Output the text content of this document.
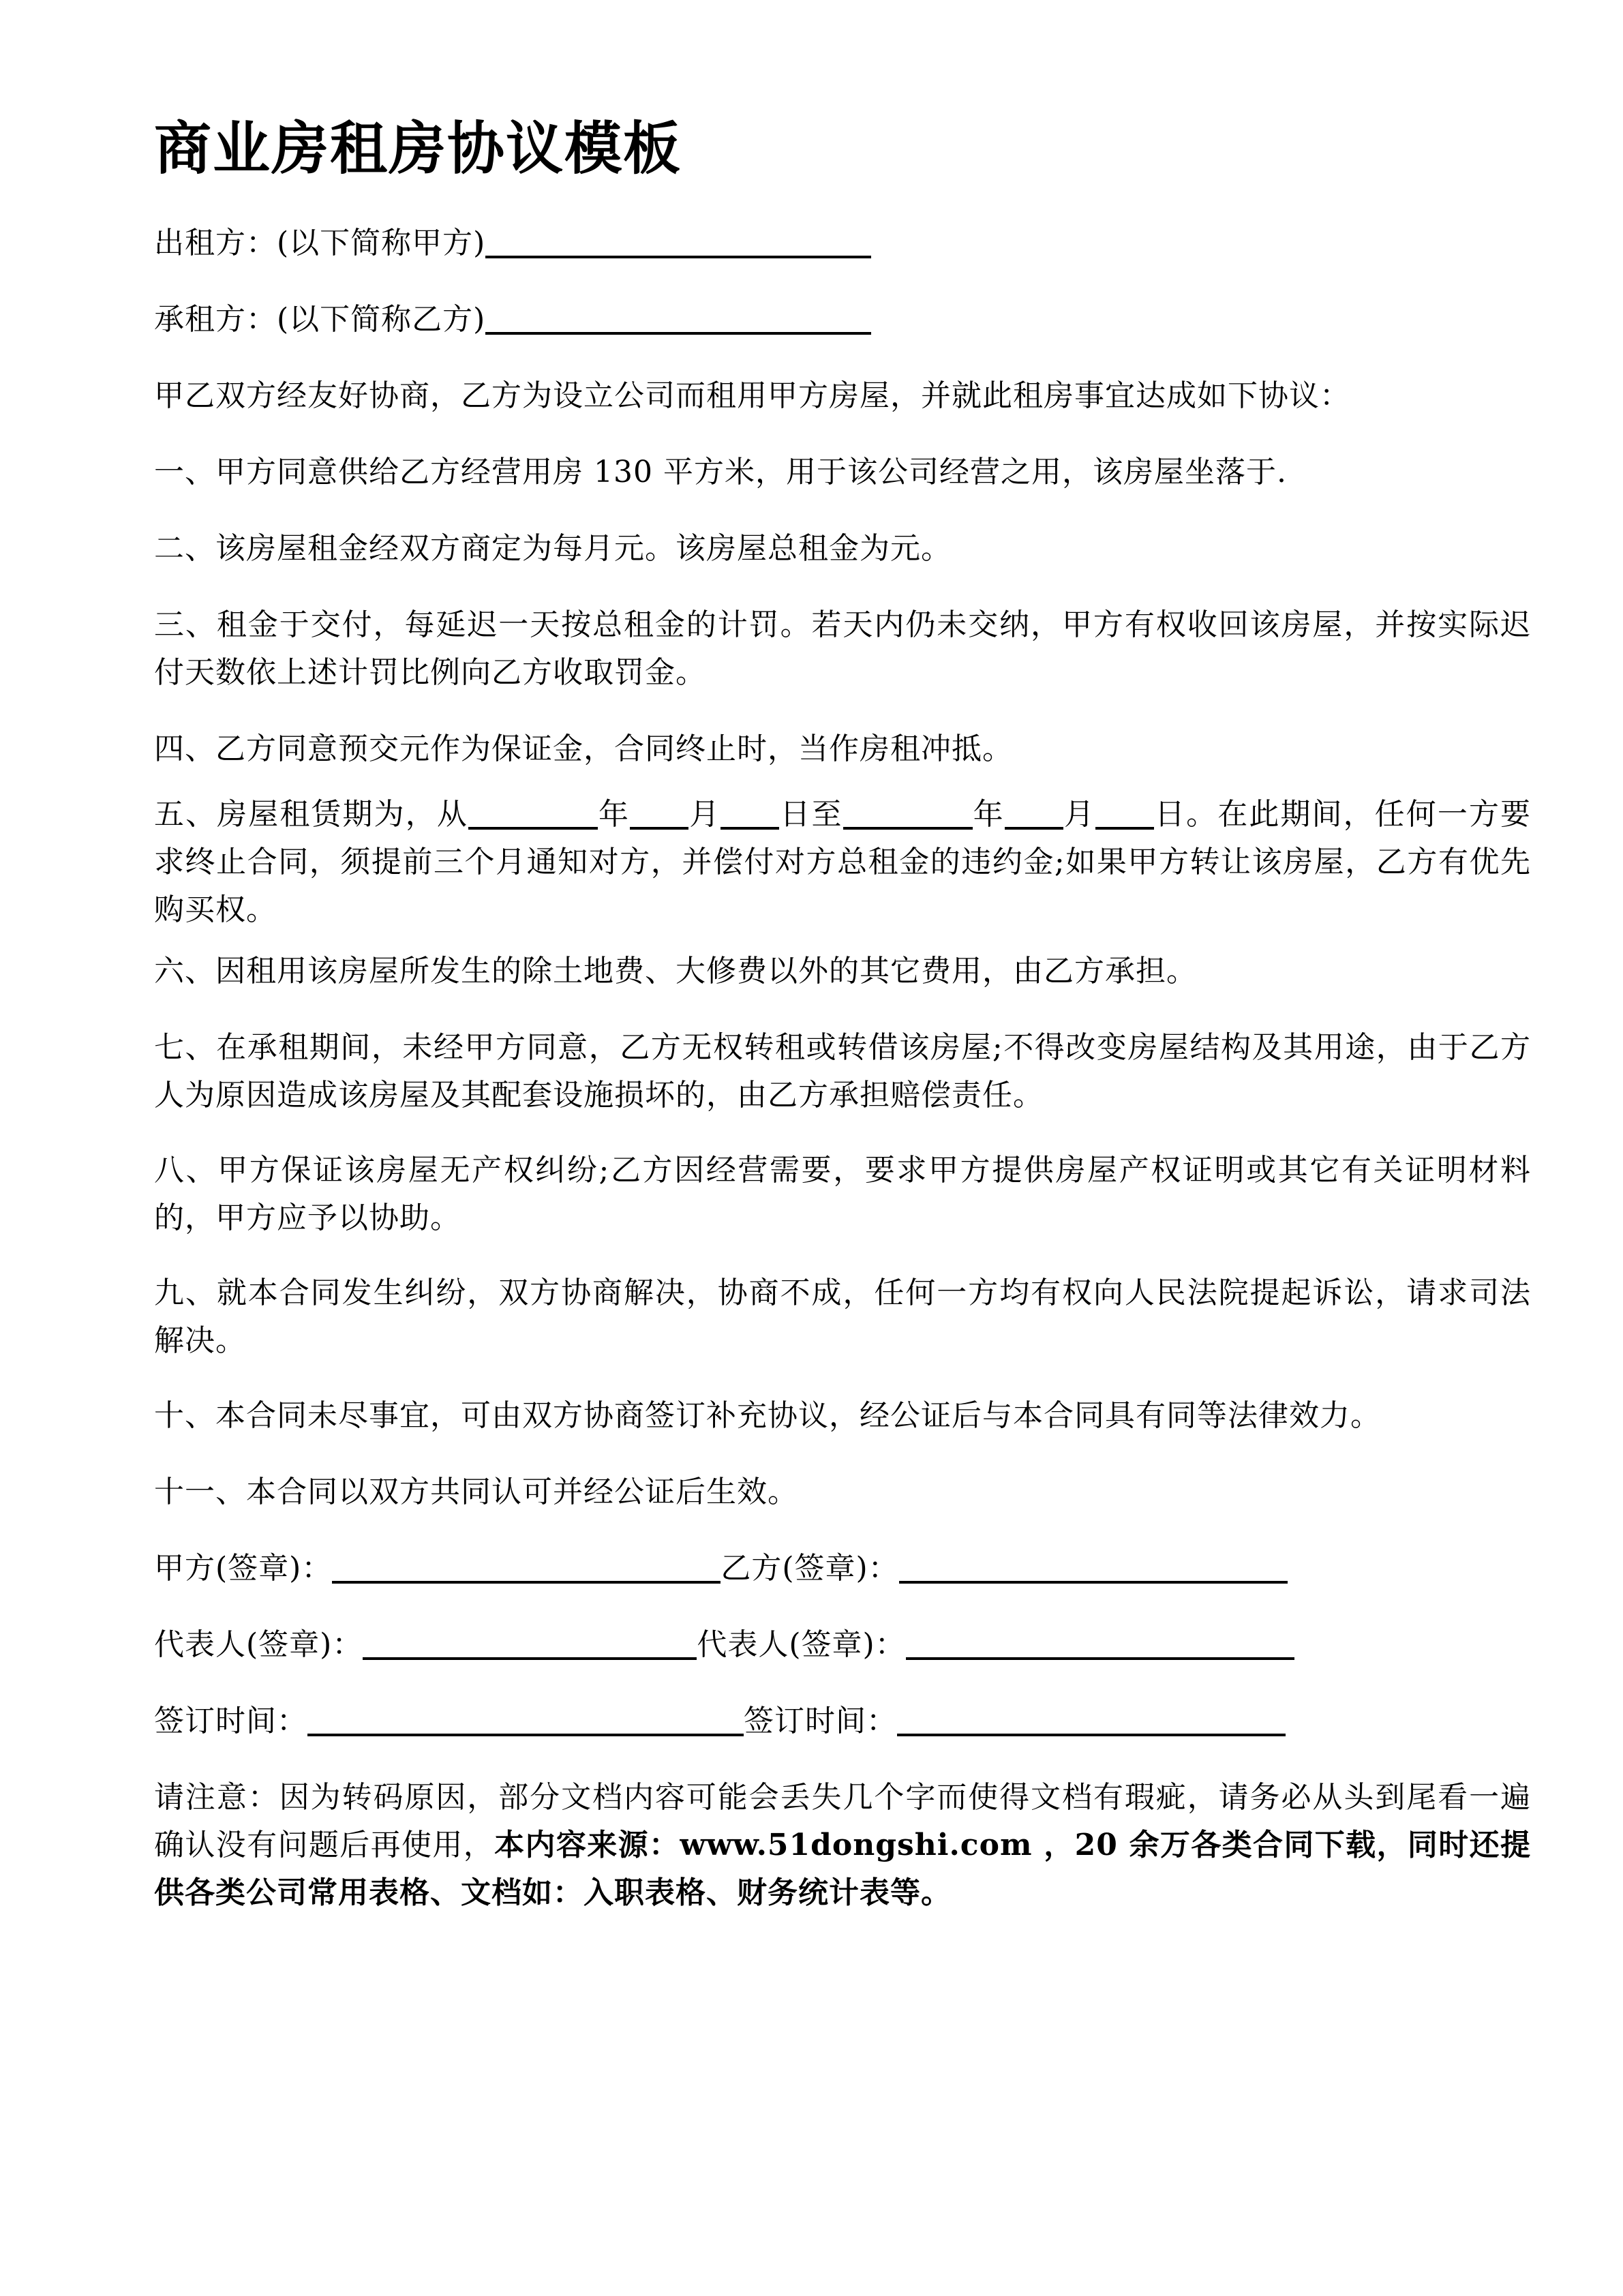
商业房租房协议模板

出租方：(以下简称甲方)

承租方：(以下简称乙方)

甲乙双方经友好协商，乙方为设立公司而租用甲方房屋，并就此租房事宜达成如下协议：

一、甲方同意供给乙方经营用房 130 平方米，用于该公司经营之用，该房屋坐落于.

二、该房屋租金经双方商定为每月元。该房屋总租金为元。

三、租金于交付，每延迟一天按总租金的计罚。若天内仍未交纳，甲方有权收回该房屋，并按实际迟付天数依上述计罚比例向乙方收取罚金。

四、乙方同意预交元作为保证金，合同终止时，当作房租冲抵。

五、房屋租赁期为，从	年 月 日至	年 月 日。在此期间，任何一方要求终止合同，须提前三个月通知对方，并偿付对方总租金的违约金;如果甲方转让该房屋，乙方有优先购买权。

六、因租用该房屋所发生的除土地费、大修费以外的其它费用，由乙方承担。

七、在承租期间，未经甲方同意，乙方无权转租或转借该房屋;不得改变房屋结构及其用途，由于乙方人为原因造成该房屋及其配套设施损坏的，由乙方承担赔偿责任。

八、甲方保证该房屋无产权纠纷;乙方因经营需要，要求甲方提供房屋产权证明或其它有关证明材料的，甲方应予以协助。

九、就本合同发生纠纷，双方协商解决，协商不成，任何一方均有权向人民法院提起诉讼，请求司法解决。

十、本合同未尽事宜，可由双方协商签订补充协议，经公证后与本合同具有同等法律效力。

十一、本合同以双方共同认可并经公证后生效。

甲方(签章)：	乙方(签章)：
代表人(签章)：	代表人(签章)：
签订时间：	签订时间：

请注意：因为转码原因，部分文档内容可能会丢失几个字而使得文档有瑕疵，请务必从头到尾看一遍确认没有问题后再使用，本内容来源：www.51dongshi.com ，20 余万各类合同下载，同时还提供各类公司常用表格、文档如：入职表格、财务统计表等。
